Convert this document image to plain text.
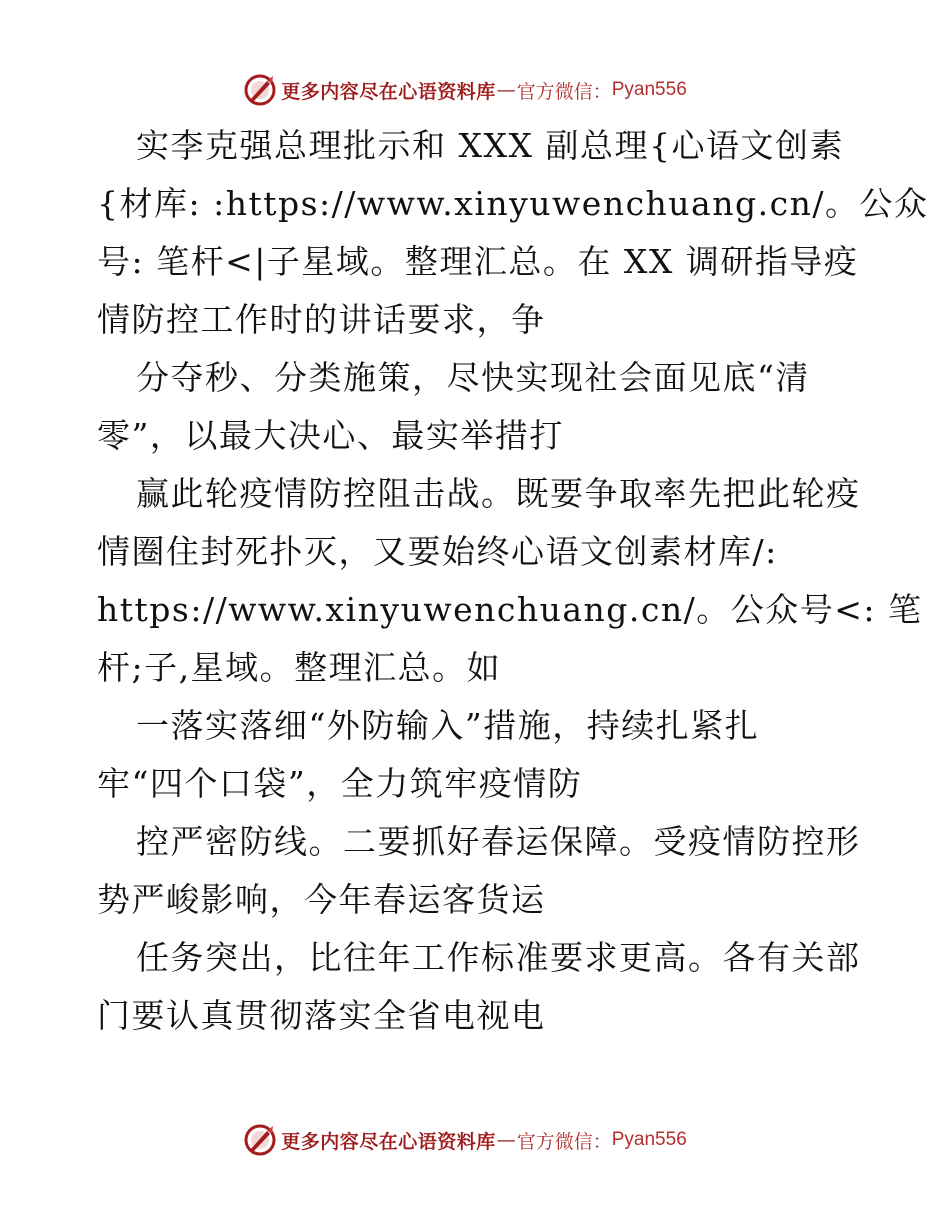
更多内容尽在心语资料库 — 官方微信： Pyan556
实李克强总理批示和 XXX 副总理{心语文创素
{材库: :https://www.xinyuwenchuang.cn/。公众
号: 笔杆<|子星域。整理汇总。在 XX 调研指导疫
情防控工作时的讲话要求，争
分夺秒、分类施策，尽快实现社会面见底“清
零”，以最大决心、最实举措打
赢此轮疫情防控阻击战。既要争取率先把此轮疫
情圈住封死扑灭，又要始终心语文创素材库/:
https://www.xinyuwenchuang.cn/。公众号<: 笔
杆;子,星域。整理汇总。如
一落实落细“外防输入”措施，持续扎紧扎
牢“四个口袋”，全力筑牢疫情防
控严密防线。二要抓好春运保障。受疫情防控形
势严峻影响，今年春运客货运
任务突出，比往年工作标准要求更高。各有关部
门要认真贯彻落实全省电视电
更多内容尽在心语资料库 — 官方微信： Pyan556
